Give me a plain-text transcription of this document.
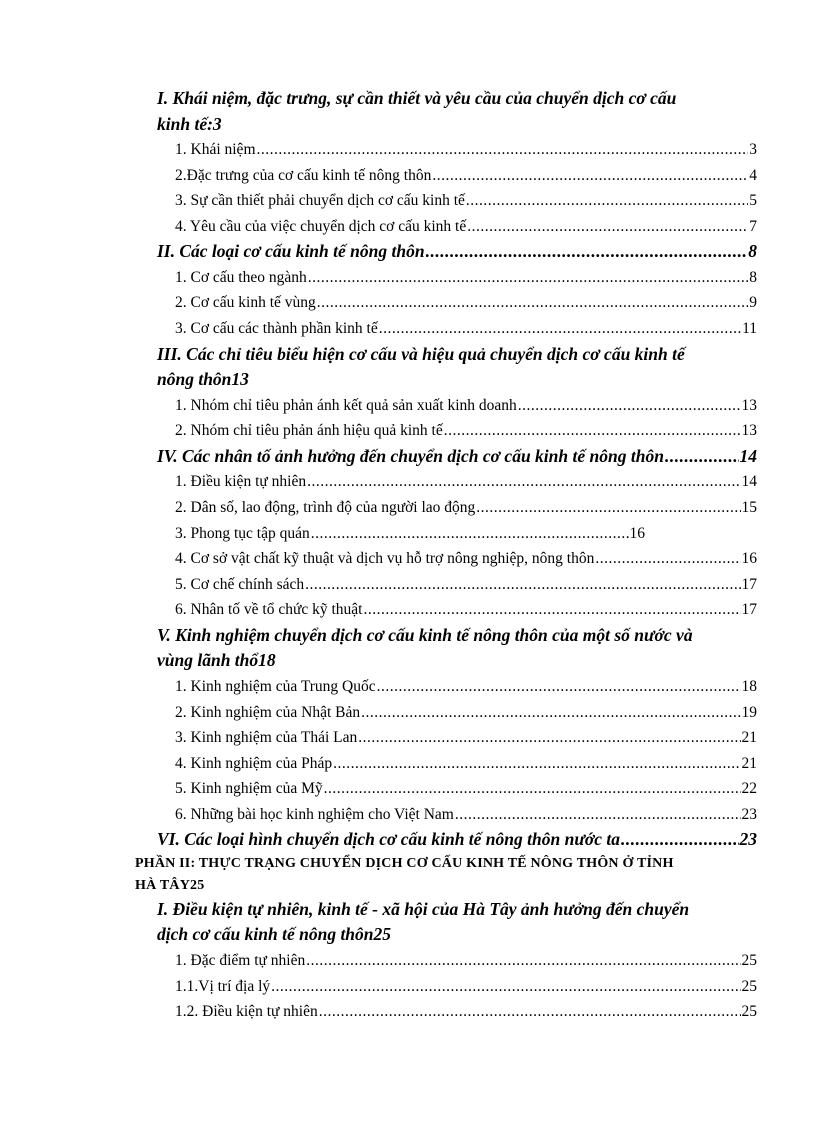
I. Khái niệm, đặc trưng, sự cần thiết và yêu cầu của chuyển dịch cơ cấu
kinh tế: 3
1. Khái niệm .....	3
2.Đặc trưng của cơ cấu kinh tế nông thôn .....	4
3. Sự cần thiết phải chuyển dịch cơ cấu kinh tế .....	5
4. Yêu cầu của việc chuyển dịch cơ cấu kinh tế .....	7
II. Các loại cơ cấu kinh tế nông thôn .....	8
1. Cơ cấu theo ngành .....	8
2. Cơ cấu kinh tế vùng .....	9
3. Cơ cấu các thành phần kinh tế .....	11
III. Các chỉ tiêu biểu hiện cơ cấu và hiệu quả chuyển dịch cơ cấu kinh tế
nông thôn 13
1. Nhóm chỉ tiêu phản ánh kết quả sản xuất kinh doanh .....	13
2. Nhóm chỉ tiêu phản ánh hiệu quả kinh tế .....	13
IV. Các nhân tố ảnh hưởng đến chuyển dịch cơ cấu kinh tế nông thôn .....	14
1. Điều kiện tự nhiên .....	14
2. Dân số, lao động, trình độ của người lao động .....	15
3. Phong tục tập quán .....	16
4. Cơ sở vật chất kỹ thuật và dịch vụ hỗ trợ nông nghiệp, nông thôn .....	16
5. Cơ chế chính sách .....	17
6. Nhân tố về tổ chức kỹ thuật .....	17
V. Kinh nghiệm chuyển dịch cơ cấu kinh tế nông thôn của một số nước và
vùng lãnh thổ 18
1. Kinh nghiệm của Trung Quốc .....	18
2. Kinh nghiệm của Nhật Bản .....	19
3. Kinh nghiệm của Thái Lan .....	21
4. Kinh nghiệm của Pháp .....	21
5. Kinh nghiệm của Mỹ .....	22
6. Những bài học kinh nghiệm cho Việt Nam .....	23
VI. Các loại hình chuyển dịch cơ cấu kinh tế nông thôn nước ta .....	23
PHẦN II: THỰC TRẠNG CHUYỂN DỊCH CƠ CẤU KINH TẾ NÔNG THÔN Ở TỈNH
HÀ TÂY 25
I. Điều kiện tự nhiên, kinh tế - xã hội của Hà Tây ảnh hưởng đến chuyển
dịch cơ cấu kinh tế nông thôn 25
1. Đặc điểm tự nhiên .....	25
1.1.Vị trí địa lý .....	25
1.2. Điều kiện tự nhiên .....	25
